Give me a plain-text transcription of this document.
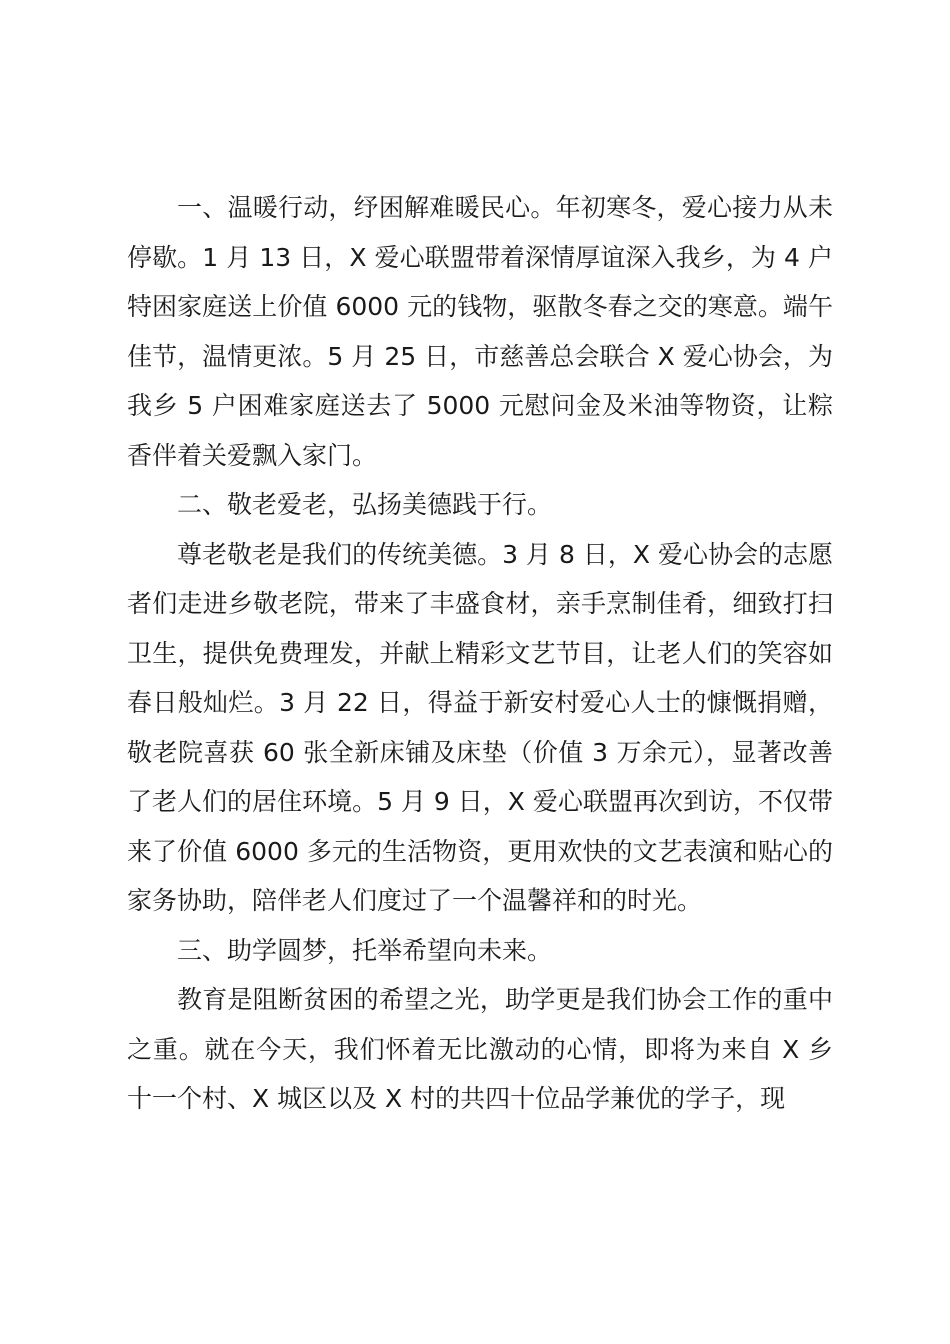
一、温暖行动，纾困解难暖民心。年初寒冬，爱心接力从未停歇。1 月 13 日，X 爱心联盟带着深情厚谊深入我乡，为 4 户特困家庭送上价值 6000 元的钱物，驱散冬春之交的寒意。端午佳节，温情更浓。5 月 25 日，市慈善总会联合 X 爱心协会，为我乡 5 户困难家庭送去了 5000 元慰问金及米油等物资，让粽香伴着关爱飘入家门。

二、敬老爱老，弘扬美德践于行。

尊老敬老是我们的传统美德。3 月 8 日，X 爱心协会的志愿者们走进乡敬老院，带来了丰盛食材，亲手烹制佳肴，细致打扫卫生，提供免费理发，并献上精彩文艺节目，让老人们的笑容如春日般灿烂。3 月 22 日，得益于新安村爱心人士的慷慨捐赠，敬老院喜获 60 张全新床铺及床垫（价值 3 万余元），显著改善了老人们的居住环境。5 月 9 日，X 爱心联盟再次到访，不仅带来了价值 6000 多元的生活物资，更用欢快的文艺表演和贴心的家务协助，陪伴老人们度过了一个温馨祥和的时光。

三、助学圆梦，托举希望向未来。

教育是阻断贫困的希望之光，助学更是我们协会工作的重中之重。就在今天，我们怀着无比激动的心情，即将为来自 X 乡十一个村、X 城区以及 X 村的共四十位品学兼优的学子，现
